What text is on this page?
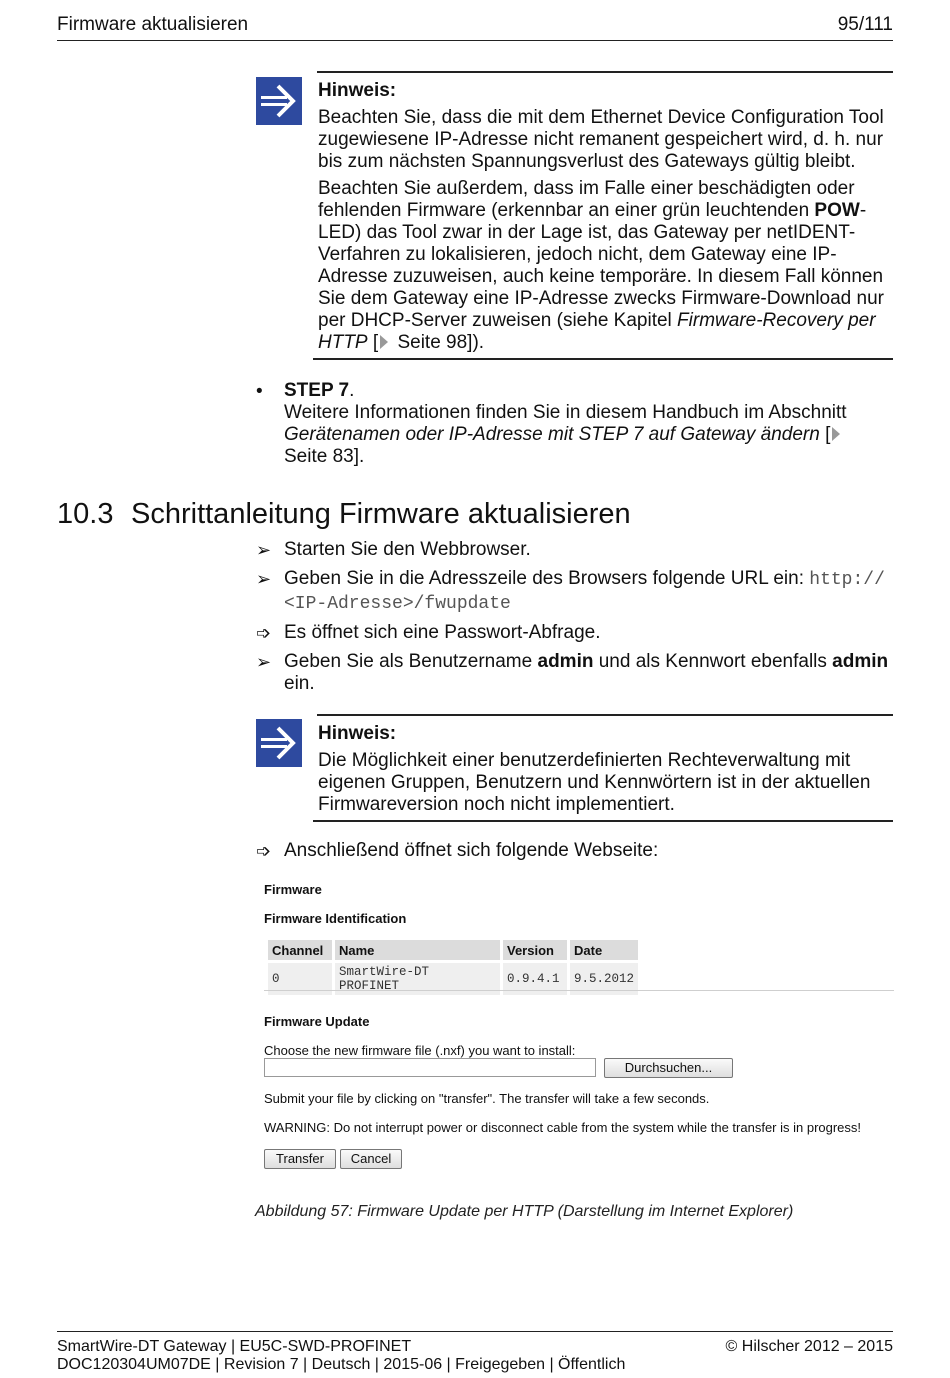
Firmware aktualisieren	95/111
Hinweis:
Beachten Sie, dass die mit dem Ethernet Device Configuration Tool zugewiesene IP-Adresse nicht remanent gespeichert wird, d. h. nur bis zum nächsten Spannungsverlust des Gateways gültig bleibt.
Beachten Sie außerdem, dass im Falle einer beschädigten oder fehlenden Firmware (erkennbar an einer grün leuchtenden POW-LED) das Tool zwar in der Lage ist, das Gateway per netIDENT-Verfahren zu lokalisieren, jedoch nicht, dem Gateway eine IP-Adresse zuzuweisen, auch keine temporäre. In diesem Fall können Sie dem Gateway eine IP-Adresse zwecks Firmware-Download nur per DHCP-Server zuweisen (siehe Kapitel Firmware-Recovery per HTTP [ Seite 98]).
• STEP 7.
Weitere Informationen finden Sie in diesem Handbuch im Abschnitt
Gerätenamen oder IP-Adresse mit STEP 7 auf Gateway ändern [
Seite 83].
10.3 Schrittanleitung Firmware aktualisieren
➢ Starten Sie den Webbrowser.
➢ Geben Sie in die Adresszeile des Browsers folgende URL ein: http://
<IP-Adresse>/fwupdate
➩ Es öffnet sich eine Passwort-Abfrage.
➢ Geben Sie als Benutzername admin und als Kennwort ebenfalls admin
ein.
Hinweis:
Die Möglichkeit einer benutzerdefinierten Rechteverwaltung mit eigenen Gruppen, Benutzern und Kennwörtern ist in der aktuellen Firmwareversion noch nicht implementiert.
➩ Anschließend öffnet sich folgende Webseite:
Firmware
Firmware Identification
Channel	Name	Version	Date
0	SmartWire-DT PROFINET	0.9.4.1	9.5.2012
Firmware Update
Choose the new firmware file (.nxf) you want to install:
Durchsuchen...
Submit your file by clicking on "transfer". The transfer will take a few seconds.
WARNING: Do not interrupt power or disconnect cable from the system while the transfer is in progress!
Transfer	Cancel
Abbildung 57: Firmware Update per HTTP (Darstellung im Internet Explorer)
SmartWire-DT Gateway | EU5C-SWD-PROFINET	© Hilscher 2012 – 2015
DOC120304UM07DE | Revision 7 | Deutsch | 2015-06 | Freigegeben | Öffentlich
